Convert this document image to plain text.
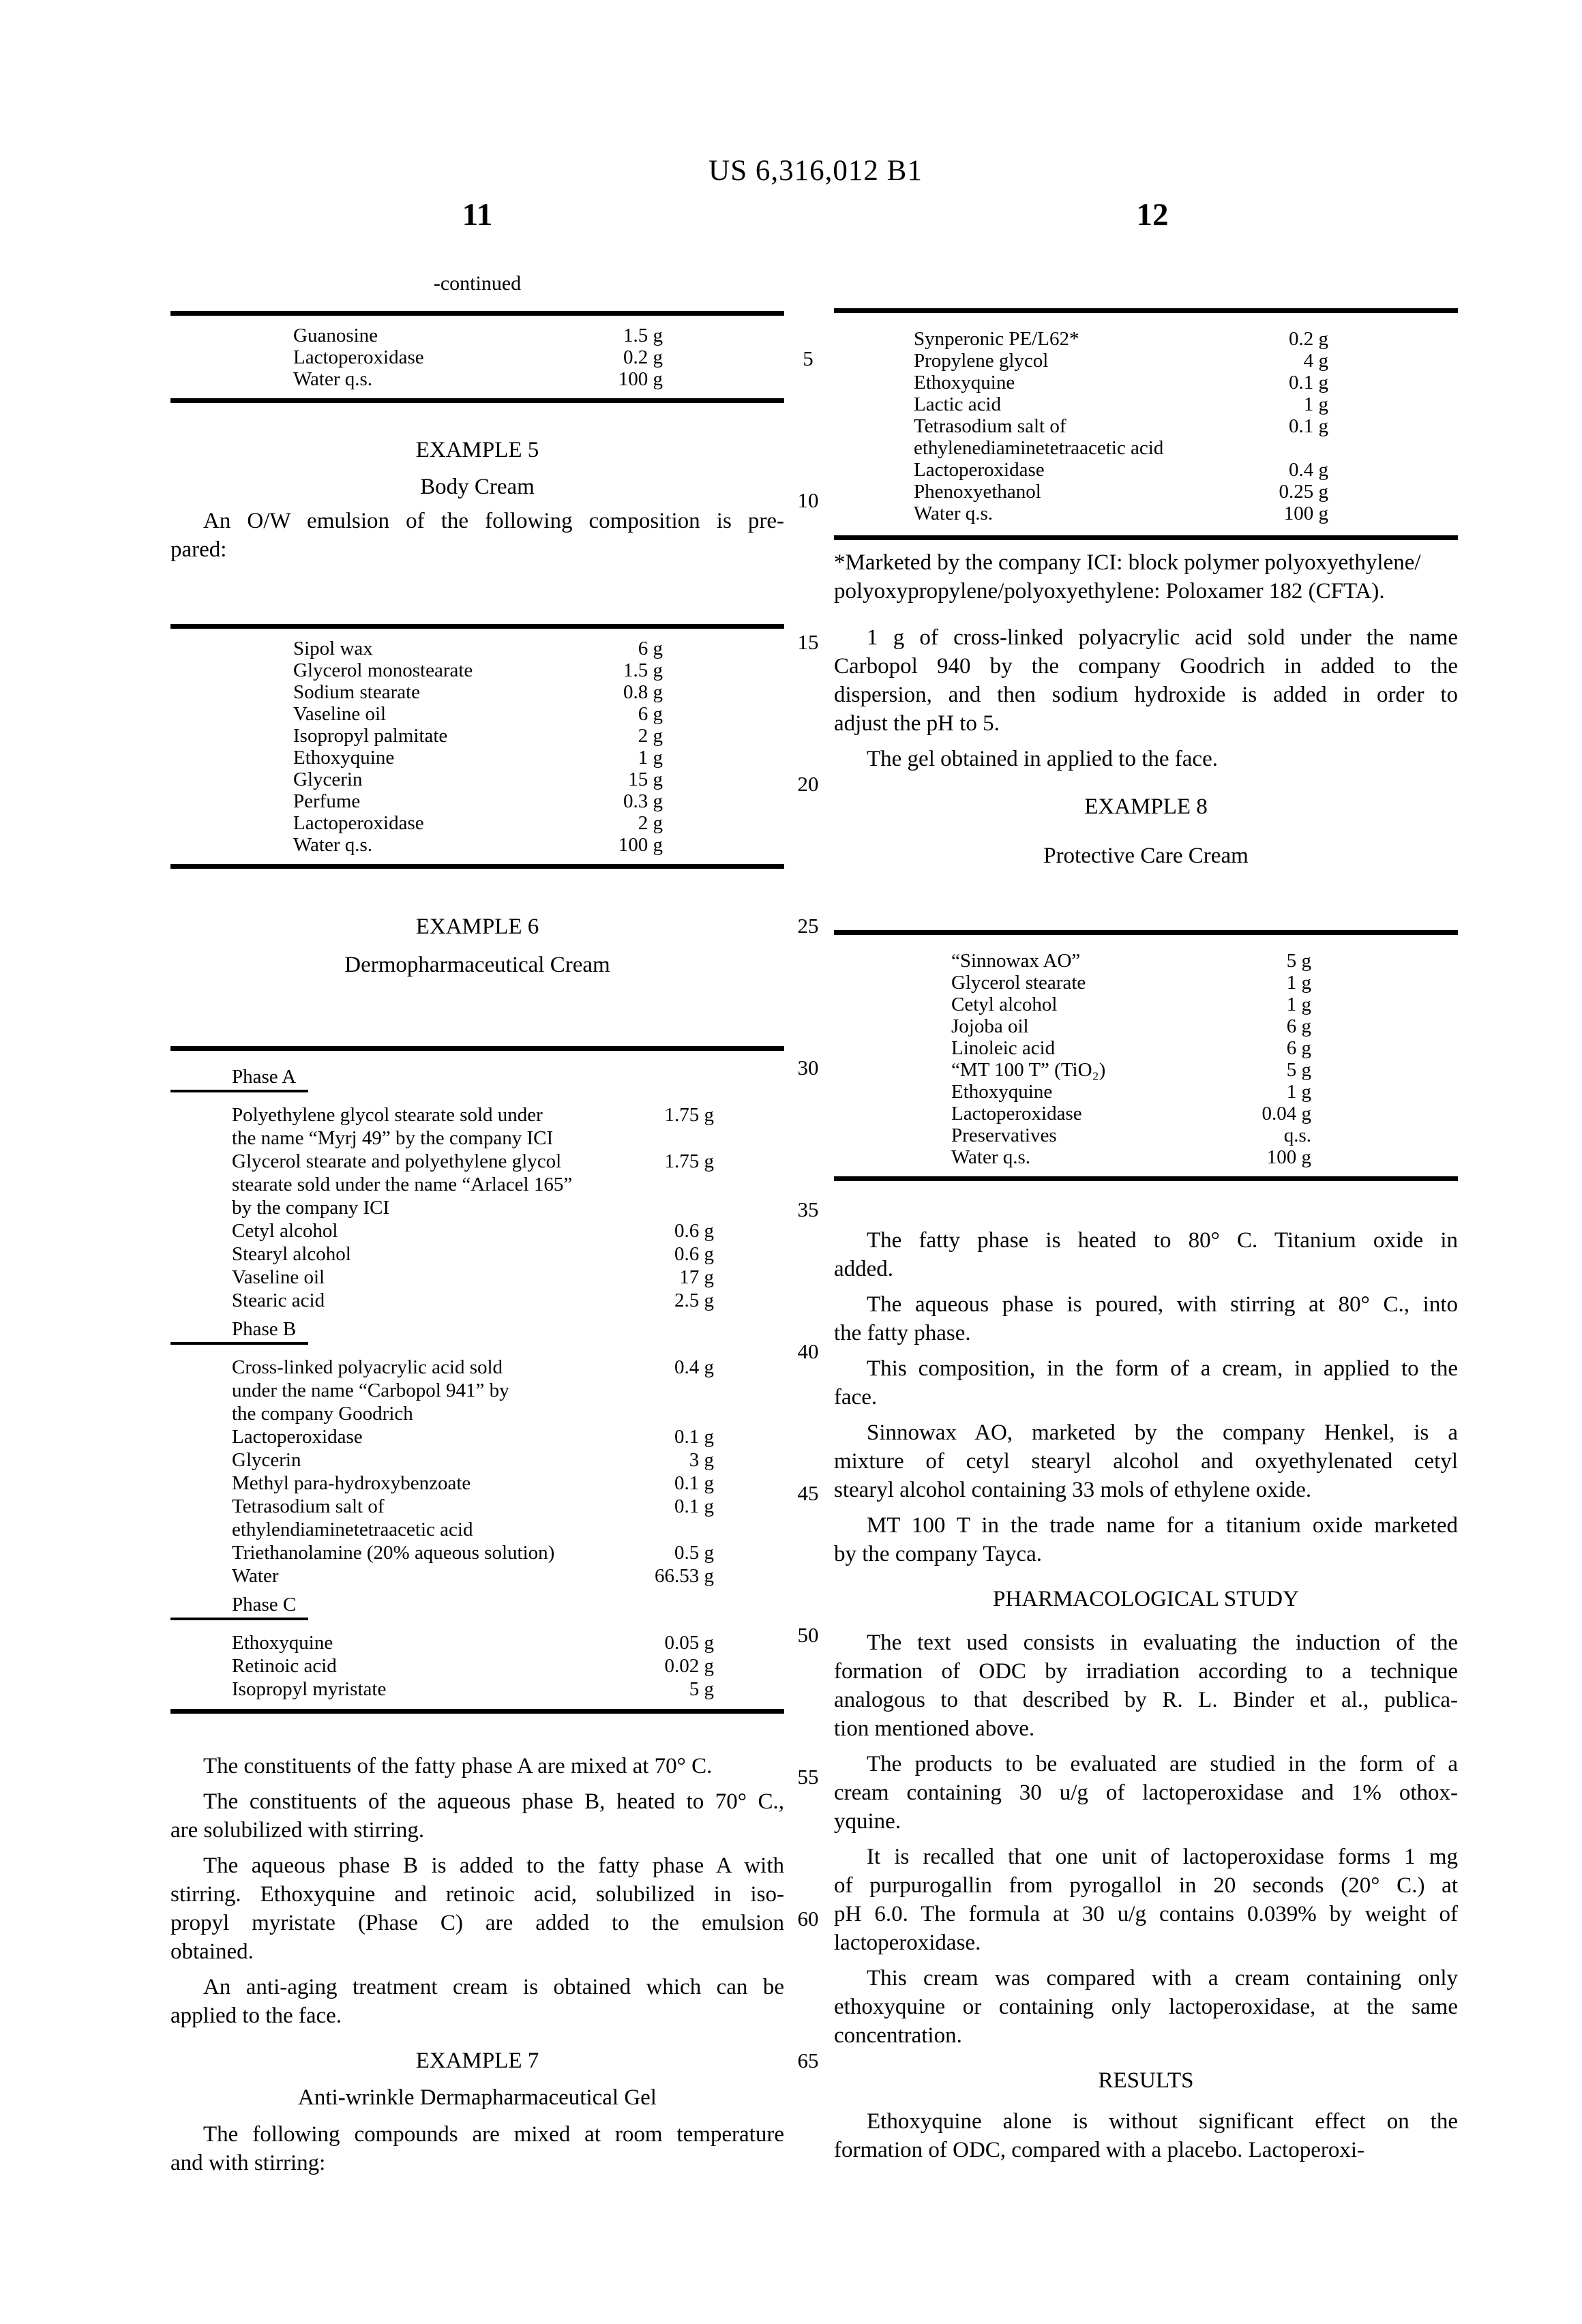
US 6,316,012 B1
11	12
-continued
Guanosine	1.5 g
Lactoperoxidase	0.2 g
Water q.s.	100 g
EXAMPLE 5
Body Cream
An O/W emulsion of the following composition is pre-
pared:
Sipol wax	6 g
Glycerol monostearate	1.5 g
Sodium stearate	0.8 g
Vaseline oil	6 g
Isopropyl palmitate	2 g
Ethoxyquine	1 g
Glycerin	15 g
Perfume	0.3 g
Lactoperoxidase	2 g
Water q.s.	100 g
EXAMPLE 6
Dermopharmaceutical Cream
Phase A
Polyethylene glycol stearate sold under	1.75 g
the name “Myrj 49” by the company ICI
Glycerol stearate and polyethylene glycol	1.75 g
stearate sold under the name “Arlacel 165”
by the company ICI
Cetyl alcohol	0.6 g
Stearyl alcohol	0.6 g
Vaseline oil	17 g
Stearic acid	2.5 g
Phase B
Cross-linked polyacrylic acid sold	0.4 g
under the name “Carbopol 941” by
the company Goodrich
Lactoperoxidase	0.1 g
Glycerin	3 g
Methyl para-hydroxybenzoate	0.1 g
Tetrasodium salt of	0.1 g
ethylendiaminetetraacetic acid
Triethanolamine (20% aqueous solution)	0.5 g
Water	66.53 g
Phase C
Ethoxyquine	0.05 g
Retinoic acid	0.02 g
Isopropyl myristate	5 g
The constituents of the fatty phase A are mixed at 70° C.
The constituents of the aqueous phase B, heated to 70° C.,
are solubilized with stirring.
The aqueous phase B is added to the fatty phase A with
stirring. Ethoxyquine and retinoic acid, solubilized in iso-
propyl myristate (Phase C) are added to the emulsion
obtained.
An anti-aging treatment cream is obtained which can be
applied to the face.
EXAMPLE 7
Anti-wrinkle Dermapharmaceutical Gel
The following compounds are mixed at room temperature
and with stirring:
Synperonic PE/L62*	0.2 g
Propylene glycol	4 g
Ethoxyquine	0.1 g
Lactic acid	1 g
Tetrasodium salt of	0.1 g
ethylenediaminetetraacetic acid
Lactoperoxidase	0.4 g
Phenoxyethanol	0.25 g
Water q.s.	100 g
*Marketed by the company ICI: block polymer polyoxyethylene/
polyoxypropylene/polyoxyethylene: Poloxamer 182 (CFTA).
1 g of cross-linked polyacrylic acid sold under the name
Carbopol 940 by the company Goodrich in added to the
dispersion, and then sodium hydroxide is added in order to
adjust the pH to 5.
The gel obtained in applied to the face.
EXAMPLE 8
Protective Care Cream
“Sinnowax AO”	5 g
Glycerol stearate	1 g
Cetyl alcohol	1 g
Jojoba oil	6 g
Linoleic acid	6 g
“MT 100 T” (TiO₂)	5 g
Ethoxyquine	1 g
Lactoperoxidase	0.04 g
Preservatives	q.s.
Water q.s.	100 g
The fatty phase is heated to 80° C. Titanium oxide in
added.
The aqueous phase is poured, with stirring at 80° C., into
the fatty phase.
This composition, in the form of a cream, in applied to the
face.
Sinnowax AO, marketed by the company Henkel, is a
mixture of cetyl stearyl alcohol and oxyethylenated cetyl
stearyl alcohol containing 33 mols of ethylene oxide.
MT 100 T in the trade name for a titanium oxide marketed
by the company Tayca.
PHARMACOLOGICAL STUDY
The text used consists in evaluating the induction of the
formation of ODC by irradiation according to a technique
analogous to that described by R. L. Binder et al., publica-
tion mentioned above.
The products to be evaluated are studied in the form of a
cream containing 30 u/g of lactoperoxidase and 1% othox-
yquine.
It is recalled that one unit of lactoperoxidase forms 1 mg
of purpurogallin from pyrogallol in 20 seconds (20° C.) at
pH 6.0. The formula at 30 u/g contains 0.039% by weight of
lactoperoxidase.
This cream was compared with a cream containing only
ethoxyquine or containing only lactoperoxidase, at the same
concentration.
RESULTS
Ethoxyquine alone is without significant effect on the
formation of ODC, compared with a placebo. Lactoperoxi-
5
10
15
20
25
30
35
40
45
50
55
60
65
